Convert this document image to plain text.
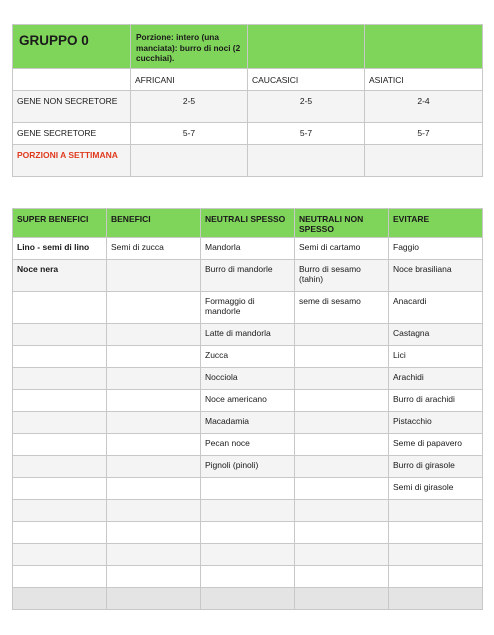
GRUPPO 0	Porzione: intero (una manciata): burro di noci (2 cucchiai).		

	AFRICANI	CAUCASICI	ASIATICI
GENE NON SECRETORE	2-5	2-5	2-4
GENE SECRETORE	5-7	5-7	5-7
PORZIONI A SETTIMANA			
SUPER BENEFICI	BENEFICI	NEUTRALI SPESSO	NEUTRALI NON SPESSO	EVITARE
Lino - semi di lino	Semi di zucca	Mandorla	Semi di cartamo	Faggio
Noce nera		Burro di mandorle	Burro di sesamo (tahin)	Noce brasiliana
		Formaggio di mandorle	seme di sesamo	Anacardi
		Latte di mandorla		Castagna
		Zucca		Lici
		Nocciola		Arachidi
		Noce americano		Burro di arachidi
		Macadamia		Pistacchio
		Pecan noce		Seme di papavero
		Pignoli (pinoli)		Burro di girasole
				Semi di girasole
